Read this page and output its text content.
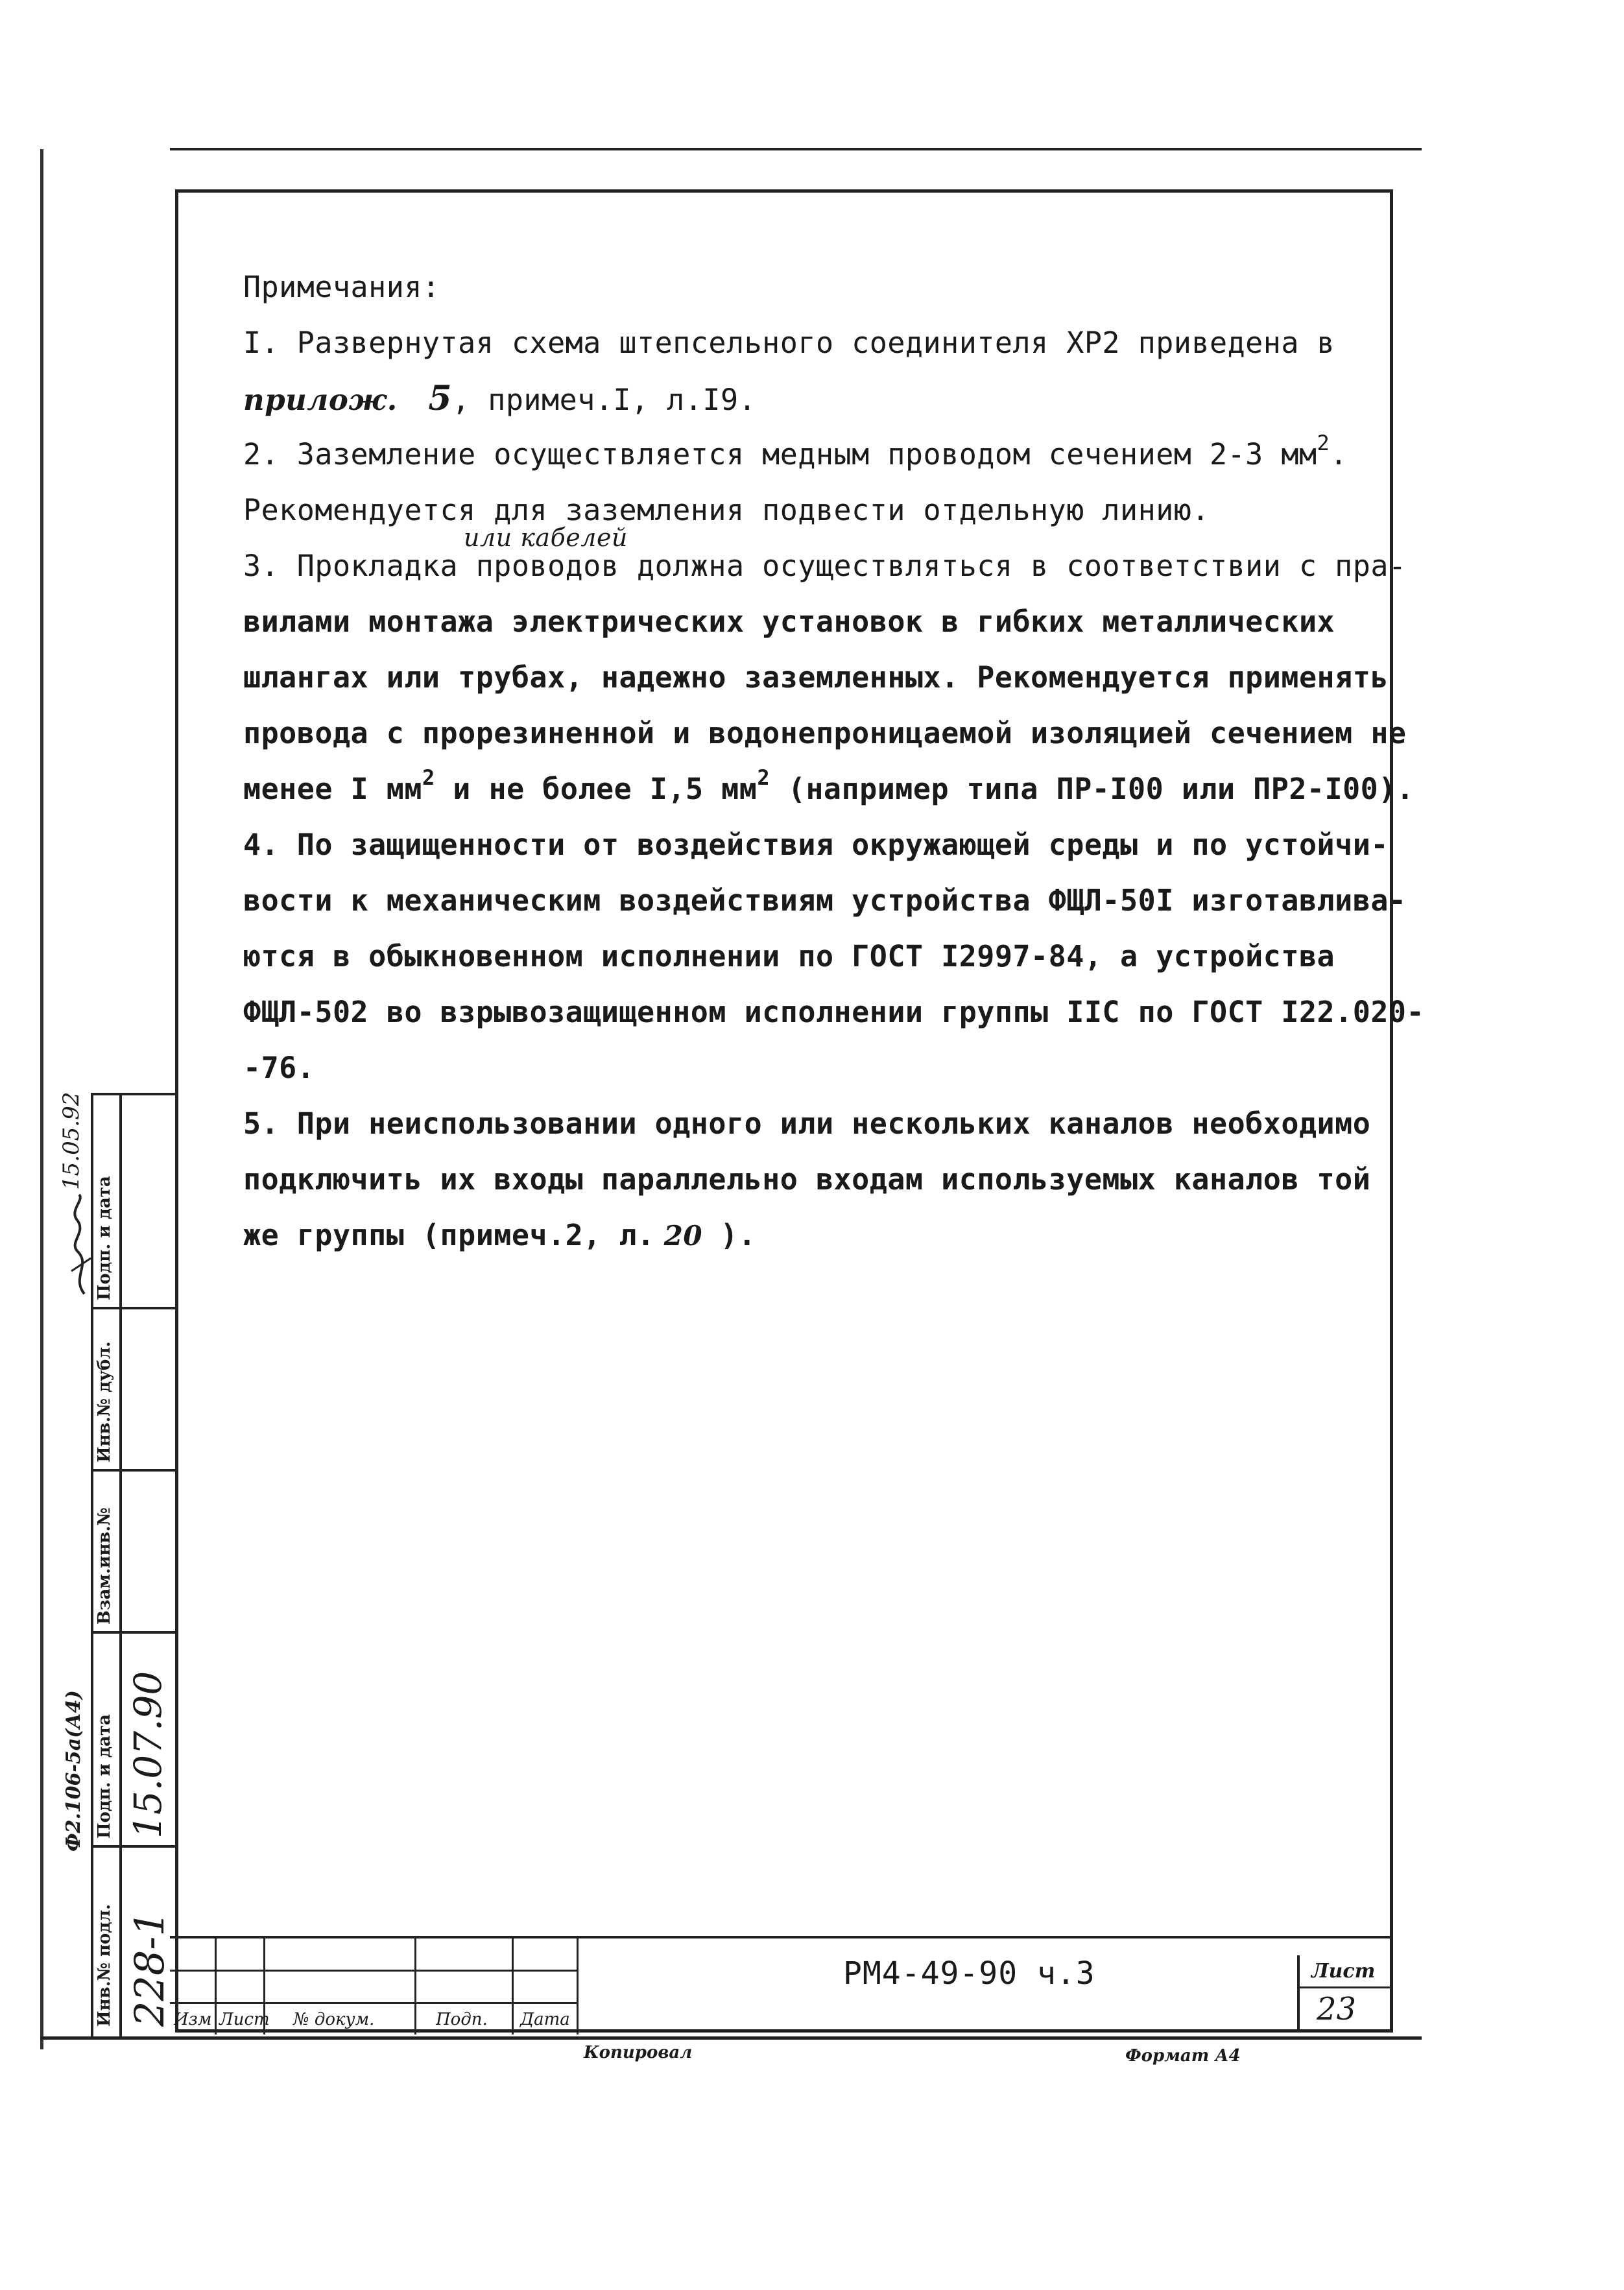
Примечания:
I. Развернутая схема штепсельного соединителя ХР2 приведена в
прилож. 5, примеч.I, л.I9.
2. Заземление осуществляется медным проводом сечением 2-3 $мм^2$.
Рекомендуется для заземления подвести отдельную линию.
или кабелей
3. Прокладка проводов должна осуществляться в соответствии с пра-
вилами монтажа электрических установок в гибких металлических
шлангах или трубах, надежно заземленных. Рекомендуется применять
провода с прорезиненной и водонепроницаемой изоляцией сечением не
менее I $мм^2$ и не более I,5 $мм^2$ (например типа ПР-I00 или ПР2-I00).
4. По защищенности от воздействия окружающей среды и по устойчи-
вости к механическим воздействиям устройства ФЩЛ-50I изготавлива-
ются в обыкновенном исполнении по ГОСТ I2997-84, а устройства
ФЩЛ-502 во взрывозащищенном исполнении группы IIС по ГОСТ I22.020-
-76.
5. При неиспользовании одного или нескольких каналов необходимо
подключить их входы параллельно входам используемых каналов той
же группы (примеч.2, л. 20 ).
Изм Лист № докум.	Подп. Дата
РМ4-49-90 ч.3	Лист
23
Копировал	Формат А4
Инв.№ подл.
Подп. и дата
Взам.инв.№
Инв.№ дубл.
Подп. и дата
Ф2.106-5а(А4)
228-1
15.07.90
15.05.92
